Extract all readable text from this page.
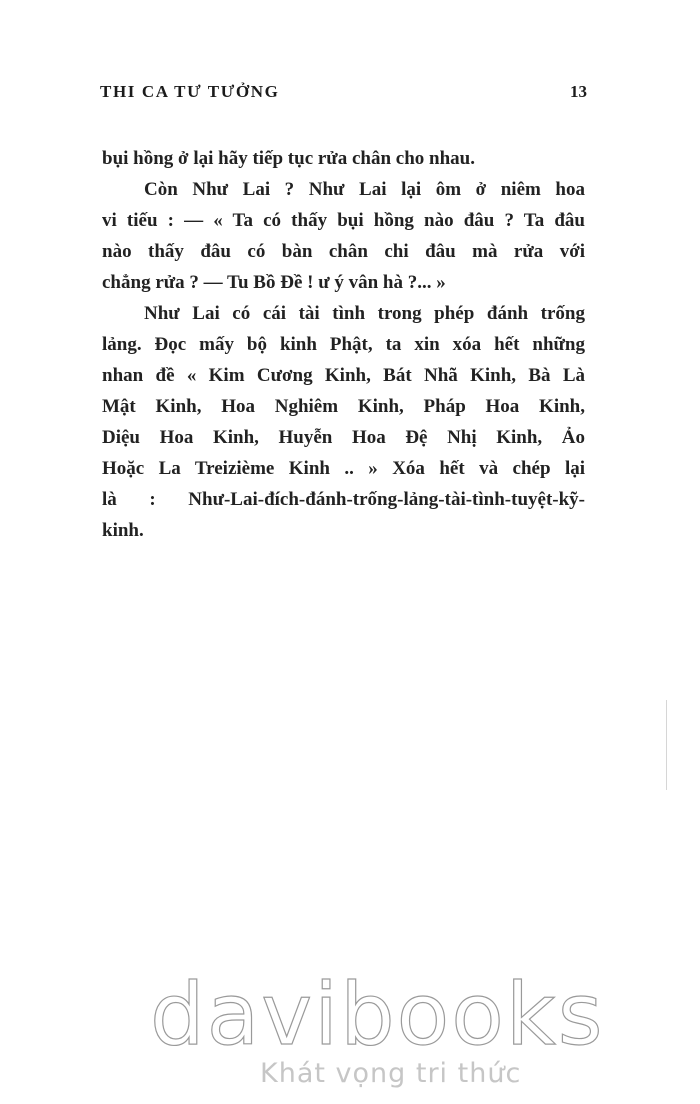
THI CA TƯ TƯỞNG	13

bụi hồng ở lại hãy tiếp tục rửa chân cho nhau.

Còn Như Lai ? Như Lai lại ôm ở niêm hoa
vi tiếu : — « Ta có thấy bụi hồng nào đâu ? Ta đâu
nào thấy đâu có bàn chân chi đâu mà rửa với
chẳng rửa ? — Tu Bồ Đề ! ư ý vân hà ?... »

Như Lai có cái tài tình trong phép đánh trống
lảng. Đọc mấy bộ kinh Phật, ta xin xóa hết những
nhan đề « Kim Cương Kinh, Bát Nhã Kinh, Bà Là
Mật Kinh, Hoa Nghiêm Kinh, Pháp Hoa Kinh,
Diệu Hoa Kinh, Huyễn Hoa Đệ Nhị Kinh, Ảo
Hoặc La Treizième Kinh .. » Xóa hết và chép lại
là : Như-Lai-đích-đánh-trống-lảng-tài-tình-tuyệt-kỹ-
kinh.

davibooks
Khát vọng tri thức
